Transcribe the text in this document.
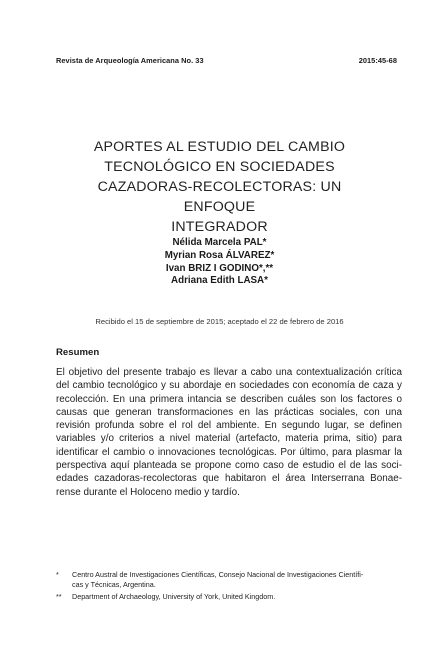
Revista de Arqueología Americana No. 33	2015:45-68
APORTES AL ESTUDIO DEL CAMBIO
TECNOLÓGICO EN SOCIEDADES
CAZADORAS-RECOLECTORAS: UN ENFOQUE
INTEGRADOR
Nélida Marcela PAL*
Myrian Rosa ÁLVAREZ*
Ivan BRIZ I GODINO*,**
Adriana Edith LASA*
Recibido el 15 de septiembre de 2015; aceptado el 22 de febrero de 2016
Resumen
El objetivo del presente trabajo es llevar a cabo una contextualización crítica
del cambio tecnológico y su abordaje en sociedades con economía de caza y
recolección. En una primera intancia se describen cuáles son los factores o
causas que generan transformaciones en las prácticas sociales, con una
revisión profunda sobre el rol del ambiente. En segundo lugar, se definen
variables y/o criterios a nivel material (artefacto, materia prima, sitio) para
identificar el cambio o innovaciones tecnológicas. Por último, para plasmar la
perspectiva aquí planteada se propone como caso de estudio el de las soci-
edades cazadoras-recolectoras que habitaron el área Interserrana Bonae-
rense durante el Holoceno medio y tardío.
*	Centro Austral de Investigaciones Científicas, Consejo Nacional de Investigaciones Científi-
cas y Técnicas, Argentina.
**	Department of Archaeology, University of York, United Kingdom.
